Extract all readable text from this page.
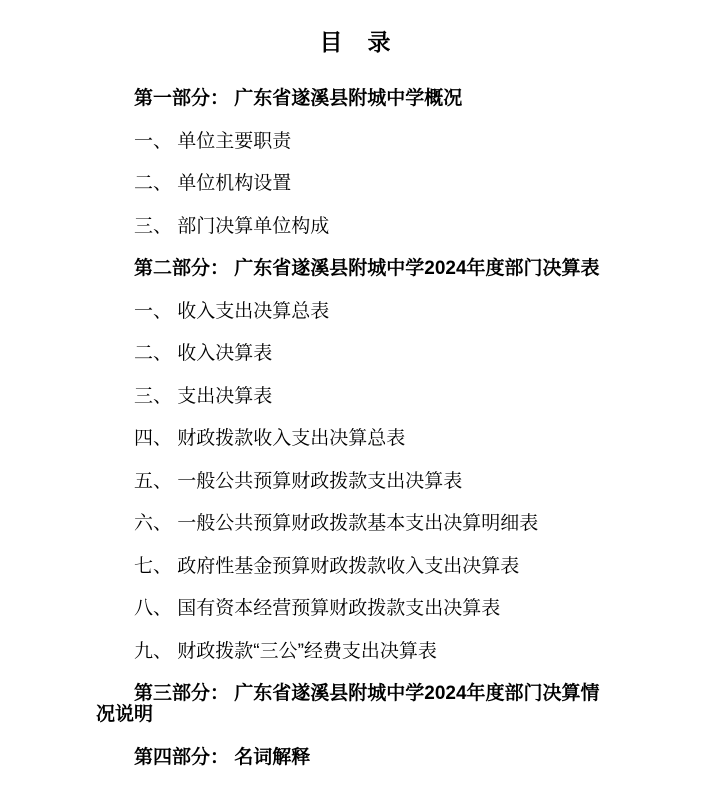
目　录

第一部分： 广东省遂溪县附城中学概况

一、 单位主要职责

二、 单位机构设置

三、 部门决算单位构成

第二部分： 广东省遂溪县附城中学2024年度部门决算表

一、 收入支出决算总表

二、 收入决算表

三、 支出决算表

四、 财政拨款收入支出决算总表

五、 一般公共预算财政拨款支出决算表

六、 一般公共预算财政拨款基本支出决算明细表

七、 政府性基金预算财政拨款收入支出决算表

八、 国有资本经营预算财政拨款支出决算表

九、 财政拨款“三公”经费支出决算表

第三部分： 广东省遂溪县附城中学2024年度部门决算情
况说明

第四部分： 名词解释
